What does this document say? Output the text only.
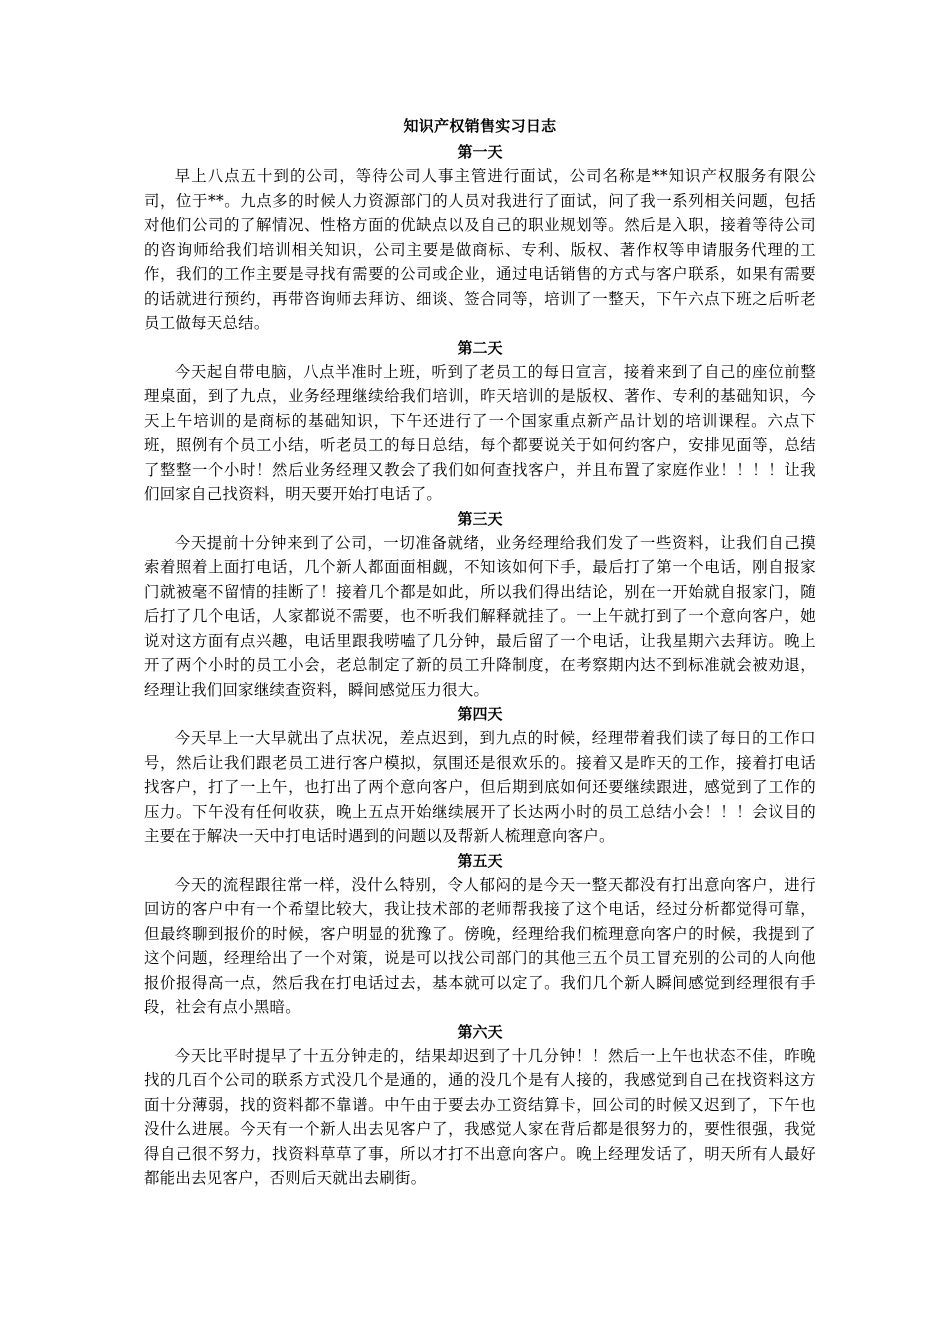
知识产权销售实习日志
第一天

早上八点五十到的公司，等待公司人事主管进行面试，公司名称是**知识产权服务有限公司，位于**。九点多的时候人力资源部门的人员对我进行了面试，问了我一系列相关问题，包括对他们公司的了解情况、性格方面的优缺点以及自己的职业规划等。然后是入职，接着等待公司的咨询师给我们培训相关知识，公司主要是做商标、专利、版权、著作权等申请服务代理的工作，我们的工作主要是寻找有需要的公司或企业，通过电话销售的方式与客户联系，如果有需要的话就进行预约，再带咨询师去拜访、细谈、签合同等，培训了一整天，下午六点下班之后听老员工做每天总结。

第二天

今天起自带电脑，八点半准时上班，听到了老员工的每日宣言，接着来到了自己的座位前整理桌面，到了九点，业务经理继续给我们培训，昨天培训的是版权、著作、专利的基础知识，今天上午培训的是商标的基础知识，下午还进行了一个国家重点新产品计划的培训课程。六点下班，照例有个员工小结，听老员工的每日总结，每个都要说关于如何约客户，安排见面等，总结了整整一个小时！然后业务经理又教会了我们如何查找客户，并且布置了家庭作业！！！！让我们回家自己找资料，明天要开始打电话了。

第三天

今天提前十分钟来到了公司，一切准备就绪，业务经理给我们发了一些资料，让我们自己摸索着照着上面打电话，几个新人都面面相觑，不知该如何下手，最后打了第一个电话，刚自报家门就被毫不留情的挂断了！接着几个都是如此，所以我们得出结论，别在一开始就自报家门，随后打了几个电话，人家都说不需要，也不听我们解释就挂了。一上午就打到了一个意向客户，她说对这方面有点兴趣，电话里跟我唠嗑了几分钟，最后留了一个电话，让我星期六去拜访。晚上开了两个小时的员工小会，老总制定了新的员工升降制度，在考察期内达不到标准就会被劝退，经理让我们回家继续查资料，瞬间感觉压力很大。

第四天

今天早上一大早就出了点状况，差点迟到，到九点的时候，经理带着我们读了每日的工作口号，然后让我们跟老员工进行客户模拟，氛围还是很欢乐的。接着又是昨天的工作，接着打电话找客户，打了一上午，也打出了两个意向客户，但后期到底如何还要继续跟进，感觉到了工作的压力。下午没有任何收获，晚上五点开始继续展开了长达两小时的员工总结小会！！！会议目的主要在于解决一天中打电话时遇到的问题以及帮新人梳理意向客户。

第五天

今天的流程跟往常一样，没什么特别，令人郁闷的是今天一整天都没有打出意向客户，进行回访的客户中有一个希望比较大，我让技术部的老师帮我接了这个电话，经过分析都觉得可靠，但最终聊到报价的时候，客户明显的犹豫了。傍晚，经理给我们梳理意向客户的时候，我提到了这个问题，经理给出了一个对策，说是可以找公司部门的其他三五个员工冒充别的公司的人向他报价报得高一点，然后我在打电话过去，基本就可以定了。我们几个新人瞬间感觉到经理很有手段，社会有点小黑暗。

第六天

今天比平时提早了十五分钟走的，结果却迟到了十几分钟！！然后一上午也状态不佳，昨晚找的几百个公司的联系方式没几个是通的，通的没几个是有人接的，我感觉到自己在找资料这方面十分薄弱，找的资料都不靠谱。中午由于要去办工资结算卡，回公司的时候又迟到了，下午也没什么进展。今天有一个新人出去见客户了，我感觉人家在背后都是很努力的，要性很强，我觉得自己很不努力，找资料草草了事，所以才打不出意向客户。晚上经理发话了，明天所有人最好都能出去见客户，否则后天就出去刷街。
